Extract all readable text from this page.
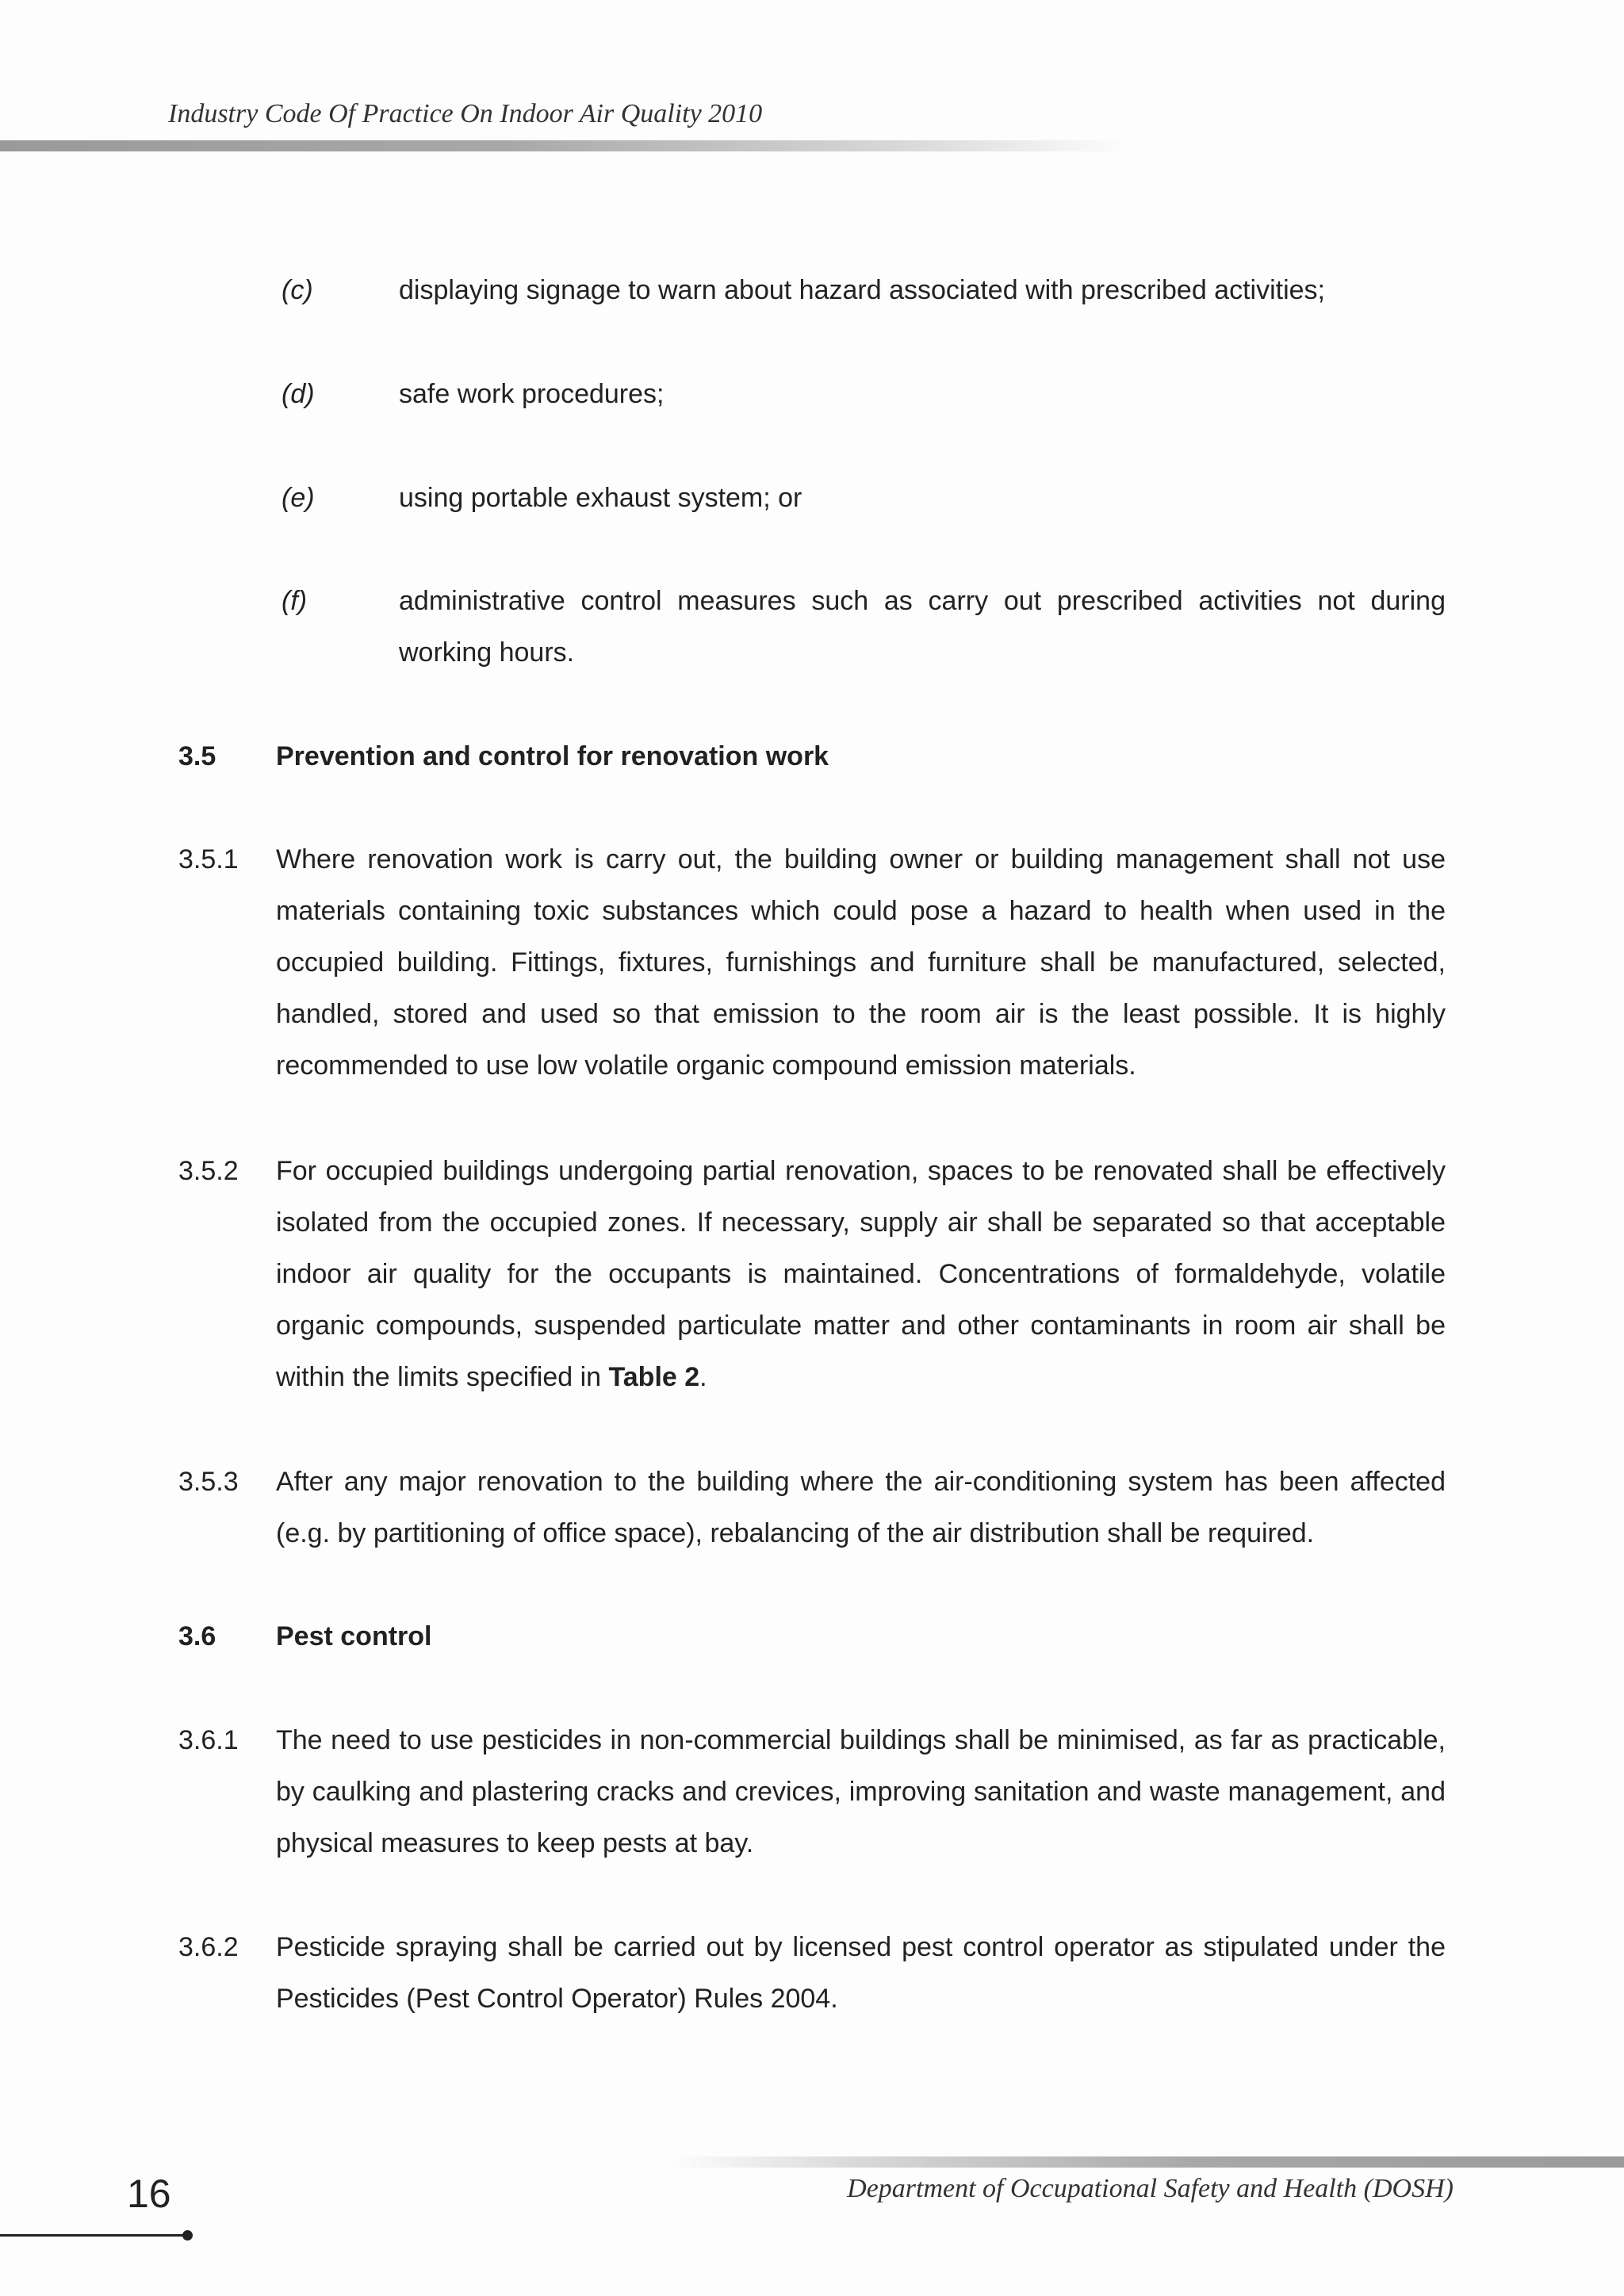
Industry Code Of Practice On Indoor Air Quality 2010
(c)	displaying signage to warn about hazard associated with prescribed activities;
(d)	safe work procedures;
(e)	using portable exhaust system; or
(f)	administrative control measures such as carry out prescribed activities not during working hours.
3.5 Prevention and control for renovation work
3.5.1 Where renovation work is carry out, the building owner or building management shall not use materials containing toxic substances which could pose a hazard to health when used in the occupied building. Fittings, fixtures, furnishings and furniture shall be manufactured, selected, handled, stored and used so that emission to the room air is the least possible. It is highly recommended to use low volatile organic compound emission materials.
3.5.2 For occupied buildings undergoing partial renovation, spaces to be renovated shall be effectively isolated from the occupied zones. If necessary, supply air shall be separated so that acceptable indoor air quality for the occupants is maintained. Concentrations of formaldehyde, volatile organic compounds, suspended particulate matter and other contaminants in room air shall be within the limits specified in Table 2.
3.5.3 After any major renovation to the building where the air-conditioning system has been affected (e.g. by partitioning of office space), rebalancing of the air distribution shall be required.
3.6 Pest control
3.6.1 The need to use pesticides in non-commercial buildings shall be minimised, as far as practicable, by caulking and plastering cracks and crevices, improving sanitation and waste management, and physical measures to keep pests at bay.
3.6.2 Pesticide spraying shall be carried out by licensed pest control operator as stipulated under the Pesticides (Pest Control Operator) Rules 2004.
16	Department of Occupational Safety and Health (DOSH)
